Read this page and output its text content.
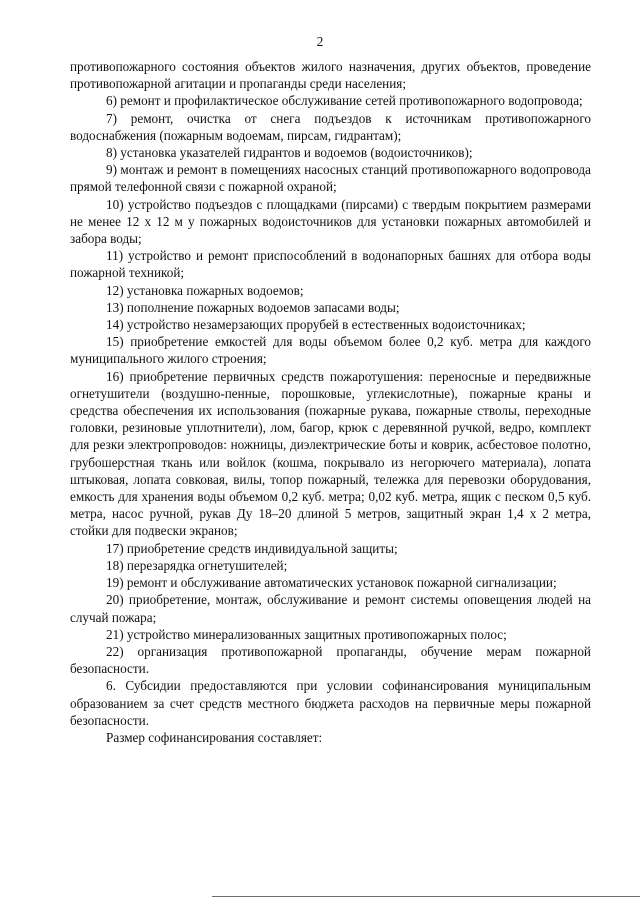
2

противопожарного состояния объектов жилого назначения, других объектов, проведение противопожарной агитации и пропаганды среди населения;

6) ремонт и профилактическое обслуживание сетей противопожарного водопровода;

7) ремонт, очистка от снега подъездов к источникам противопожарного водоснабжения (пожарным водоемам, пирсам, гидрантам);

8) установка указателей гидрантов и водоемов (водоисточников);

9) монтаж и ремонт в помещениях насосных станций противопожарного водопровода прямой телефонной связи с пожарной охраной;

10) устройство подъездов с площадками (пирсами) с твердым покрытием размерами не менее 12 х 12 м у пожарных водоисточников для установки пожарных автомобилей и забора воды;

11) устройство и ремонт приспособлений в водонапорных башнях для отбора воды пожарной техникой;

12) установка пожарных водоемов;

13) пополнение пожарных водоемов запасами воды;

14) устройство незамерзающих прорубей в естественных водоисточниках;

15) приобретение емкостей для воды объемом более 0,2 куб. метра для каждого муниципального жилого строения;

16) приобретение первичных средств пожаротушения: переносные и передвижные огнетушители (воздушно-пенные, порошковые, углекислотные), пожарные краны и средства обеспечения их использования (пожарные рукава, пожарные стволы, переходные головки, резиновые уплотнители), лом, багор, крюк с деревянной ручкой, ведро, комплект для резки электропроводов: ножницы, диэлектрические боты и коврик, асбестовое полотно, грубошерстная ткань или войлок (кошма, покрывало из негорючего материала), лопата штыковая, лопата совковая, вилы, топор пожарный, тележка для перевозки оборудования, емкость для хранения воды объемом 0,2 куб. метра; 0,02 куб. метра, ящик с песком 0,5 куб. метра, насос ручной, рукав Ду 18–20 длиной 5 метров, защитный экран 1,4 х 2 метра, стойки для подвески экранов;

17) приобретение средств индивидуальной защиты;

18) перезарядка огнетушителей;

19) ремонт и обслуживание автоматических установок пожарной сигнализации;

20) приобретение, монтаж, обслуживание и ремонт системы оповещения людей на случай пожара;

21) устройство минерализованных защитных противопожарных полос;

22) организация противопожарной пропаганды, обучение мерам пожарной безопасности.

6. Субсидии предоставляются при условии софинансирования муниципальным образованием за счет средств местного бюджета расходов на первичные меры пожарной безопасности.

Размер софинансирования составляет:
